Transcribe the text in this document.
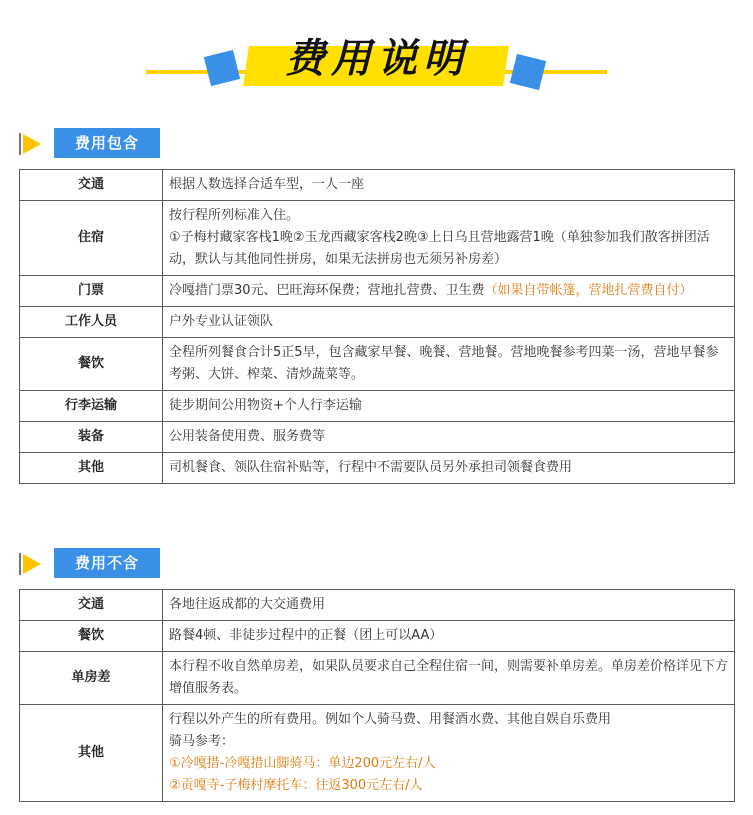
费用说明
费用包含
交通	根据人数选择合适车型，一人一座
住宿	按行程所列标准入住。
①子梅村藏家客栈1晚②玉龙西藏家客栈2晚③上日乌且营地露营1晚（单独参加我们散客拼团活动，默认与其他同性拼房，如果无法拼房也无须另补房差）

门票	冷嘎措门票30元、巴旺海环保费；营地扎营费、卫生费（如果自带帐篷，营地扎营费自付）
工作人员	户外专业认证领队
餐饮	全程所列餐食合计5正5早，包含藏家早餐、晚餐、营地餐。营地晚餐参考四菜一汤，营地早餐参考粥、大饼、榨菜、清炒蔬菜等。
行李运输	徒步期间公用物资+个人行李运输
装备	公用装备使用费、服务费等
其他	司机餐食、领队住宿补贴等，行程中不需要队员另外承担司领餐食费用
费用不含
交通	各地往返成都的大交通费用
餐饮	路餐4顿、非徒步过程中的正餐（团上可以AA）
单房差	本行程不收自然单房差，如果队员要求自己全程住宿一间，则需要补单房差。单房差价格详见下方增值服务表。
其他	行程以外产生的所有费用。例如个人骑马费、用餐酒水费、其他自娱自乐费用
骑马参考：
①冷嘎措-冷嘎措山脚骑马：单边200元左右/人
②贡嘎寺-子梅村摩托车：往返300元左右/人
